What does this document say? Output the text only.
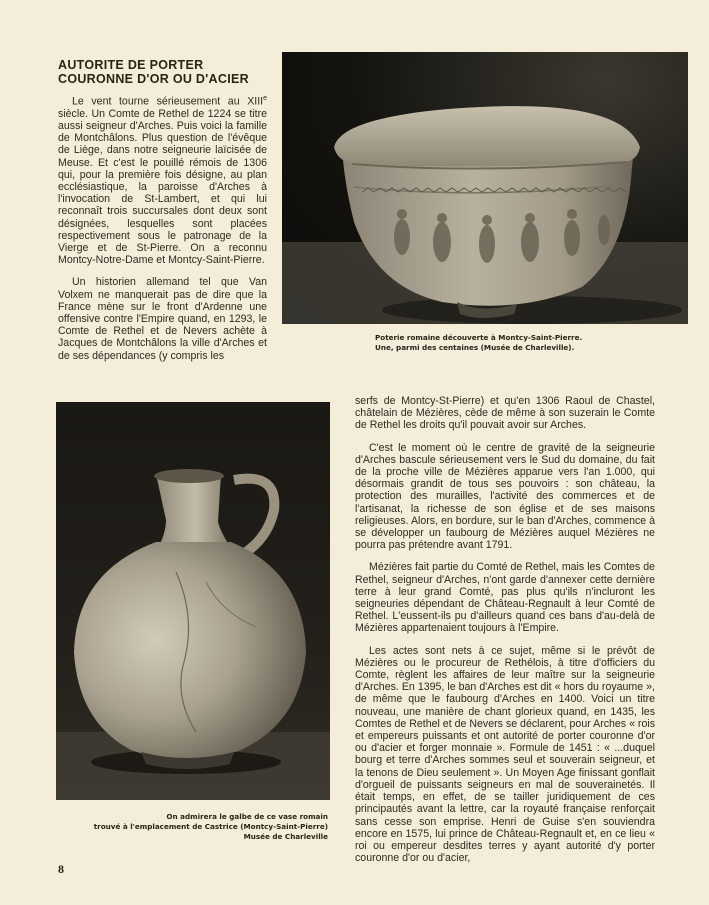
AUTORITE DE PORTER
COURONNE D'OR OU D'ACIER

Le vent tourne sérieusement au XIIIe siècle. Un Comte de Rethel de 1224 se titre aussi seigneur d'Arches. Puis voici la famille de Montchâlons. Plus question de l'évêque de Liège, dans notre seigneurie laïcisée de Meuse. Et c'est le pouillé rémois de 1306 qui, pour la première fois désigne, au plan ecclésiastique, la paroisse d'Arches à l'invocation de St-Lambert, et qui lui reconnaît trois succursales dont deux sont désignées, lesquelles sont placées respectivement sous le patronage de la Vierge et de St-Pierre. On a reconnu Montcy-Notre-Dame et Montcy-Saint-Pierre.

Un historien allemand tel que Van Volxem ne manquerait pas de dire que la France mène sur le front d'Ardenne une offensive contre l'Empire quand, en 1293, le Comte de Rethel et de Nevers achète à Jacques de Montchâlons la ville d'Arches et de ses dépendances (y compris les

Poterie romaine découverte à Montcy-Saint-Pierre.
Une, parmi des centaines (Musée de Charleville).
On admirera le galbe de ce vase romain
trouvé à l'emplacement de Castrice (Montcy-Saint-Pierre)
Musée de Charleville

serfs de Montcy-St-Pierre) et qu'en 1306 Raoul de Chastel, châtelain de Mézières, cède de même à son suzerain le Comte de Rethel les droits qu'il pouvait avoir sur Arches.

C'est le moment où le centre de gravité de la seigneurie d'Arches bascule sérieusement vers le Sud du domaine, du fait de la proche ville de Mézières apparue vers l'an 1.000, qui désormais grandit de tous ses pouvoirs : son château, la protection des murailles, l'activité des commerces et de l'artisanat, la richesse de son église et de ses maisons religieuses. Alors, en bordure, sur le ban d'Arches, commence à se développer un faubourg de Mézières auquel Mézières ne pourra pas prétendre avant 1791.

Mézières fait partie du Comté de Rethel, mais les Comtes de Rethel, seigneur d'Arches, n'ont garde d'annexer cette dernière terre à leur grand Comté, pas plus qu'ils n'incluront les seigneuries dépendant de Château-Regnault à leur Comté de Rethel. L'eussent-ils pu d'ailleurs quand ces bans d'au-delà de Mézières appartenaient toujours à l'Empire.

Les actes sont nets à ce sujet, même si le prévôt de Mézières ou le procureur de Rethélois, à titre d'officiers du Comte, règlent les affaires de leur maître sur la seigneurie d'Arches. En 1395, le ban d'Arches est dit « hors du royaume », de même que le faubourg d'Arches en 1400. Voici un titre nouveau, une manière de chant glorieux quand, en 1435, les Comtes de Rethel et de Nevers se déclarent, pour Arches « rois et empereurs puissants et ont autorité de porter couronne d'or ou d'acier et forger monnaie ». Formule de 1451 : « ...duquel bourg et terre d'Arches sommes seul et souverain seigneur, et la tenons de Dieu seulement ». Un Moyen Age finissant gonflait d'orgueil de puissants seigneurs en mal de souverainetés. Il était temps, en effet, de se tailler juridiquement de ces principautés avant la lettre, car la royauté française renforçait sans cesse son emprise. Henri de Guise s'en souviendra encore en 1575, lui prince de Château-Regnault et, en ce lieu « roi ou empereur desdites terres y ayant autorité d'y porter couronne d'or ou d'acier,

8
